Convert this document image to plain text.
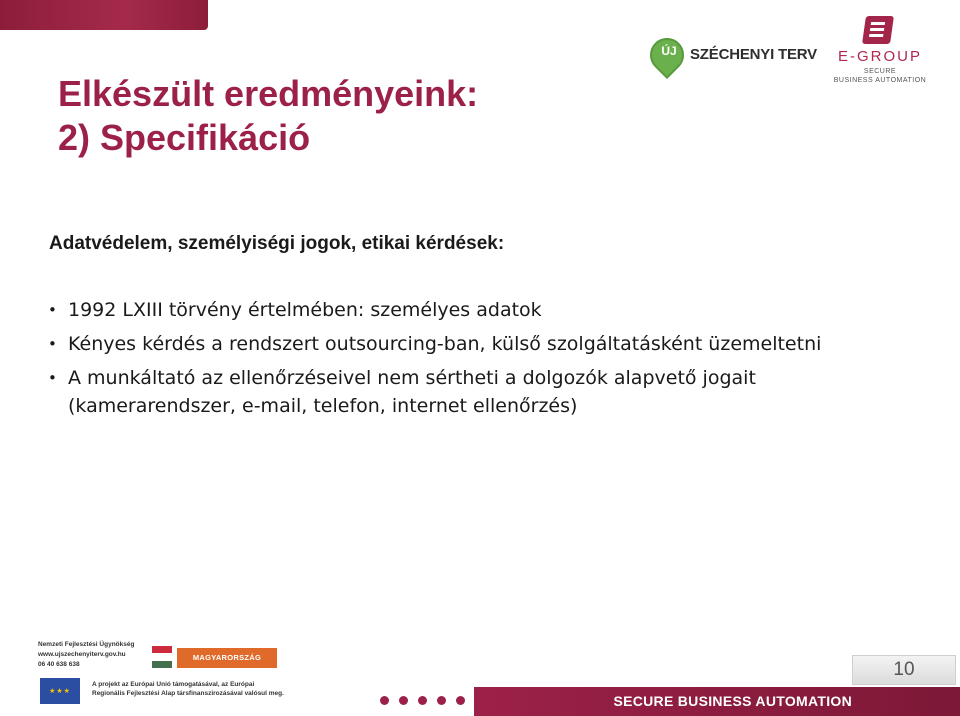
Elkészült eredményeink:
2) Specifikáció
ÚJ SZÉCHENYI TERV	E-GROUP
SECURE
BUSINESS AUTOMATION

Adatvédelem, személyiségi jogok, etikai kérdések:

• 1992 LXIII törvény értelmében: személyes adatok
• Kényes kérdés a rendszert outsourcing-ban, külső szolgáltatásként üzemeltetni
• A munkáltató az ellenőrzéseivel nem sértheti a dolgozók alapvető jogait (kamerarendszer, e-mail, telefon, internet ellenőrzés)
Nemzeti Fejlesztési Ügynökség
www.ujszechenyiterv.gov.hu
06 40 638 638
MAGYARORSZÁG MEGÚJUL
★★★
A projekt az Európai Unió támogatásával, az Európai
Regionális Fejlesztési Alap társfinanszírozásával valósul meg.
10
SECURE BUSINESS AUTOMATION
